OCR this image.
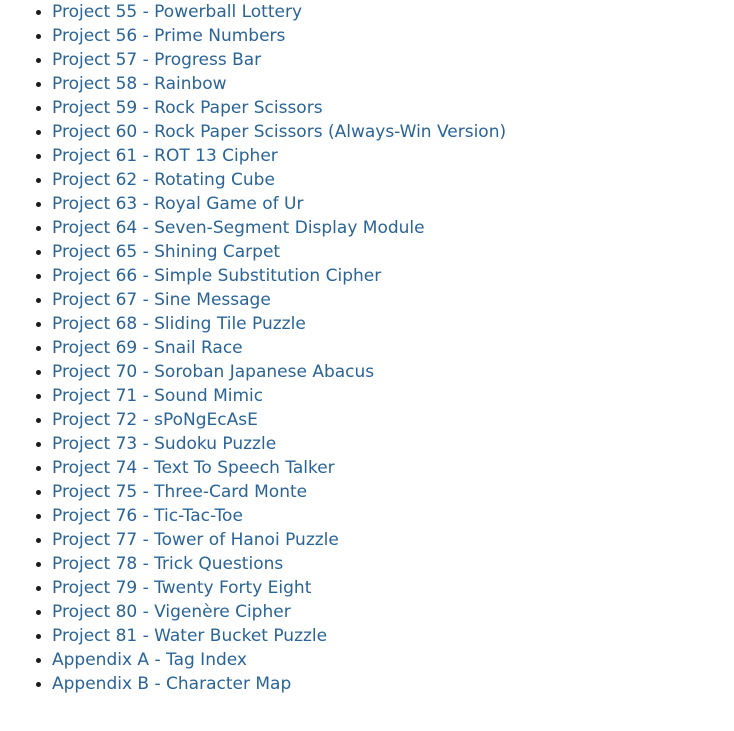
• Project 55 - Powerball Lottery
• Project 56 - Prime Numbers
• Project 57 - Progress Bar
• Project 58 - Rainbow
• Project 59 - Rock Paper Scissors
• Project 60 - Rock Paper Scissors (Always-Win Version)
• Project 61 - ROT 13 Cipher
• Project 62 - Rotating Cube
• Project 63 - Royal Game of Ur
• Project 64 - Seven-Segment Display Module
• Project 65 - Shining Carpet
• Project 66 - Simple Substitution Cipher
• Project 67 - Sine Message
• Project 68 - Sliding Tile Puzzle
• Project 69 - Snail Race
• Project 70 - Soroban Japanese Abacus
• Project 71 - Sound Mimic
• Project 72 - sPoNgEcAsE
• Project 73 - Sudoku Puzzle
• Project 74 - Text To Speech Talker
• Project 75 - Three-Card Monte
• Project 76 - Tic-Tac-Toe
• Project 77 - Tower of Hanoi Puzzle
• Project 78 - Trick Questions
• Project 79 - Twenty Forty Eight
• Project 80 - Vigenère Cipher
• Project 81 - Water Bucket Puzzle
• Appendix A - Tag Index
• Appendix B - Character Map
